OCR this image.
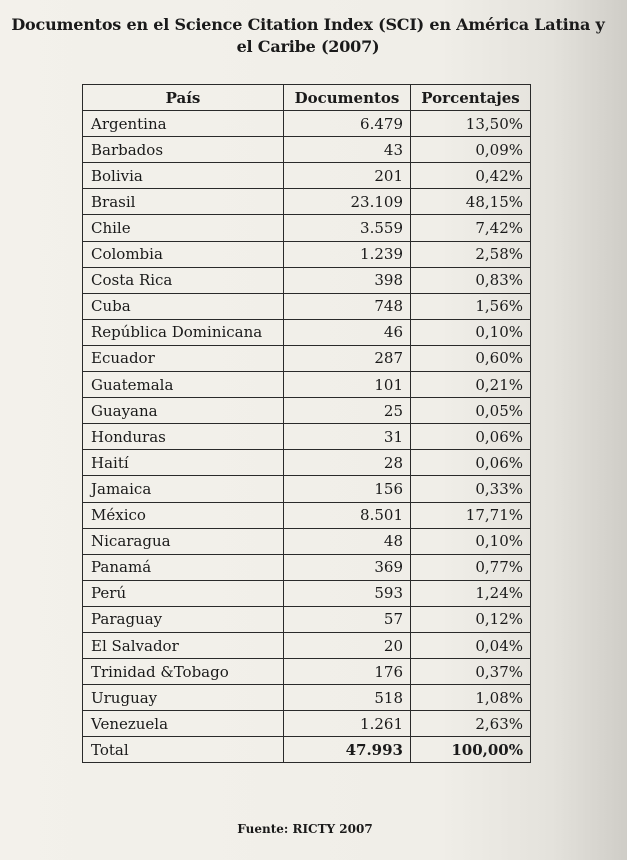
Documentos en el Science Citation Index (SCI) en América Latina y el Caribe (2007)
País	Documentos	Porcentajes
Argentina	6.479	13,50%
Barbados	43	0,09%
Bolivia	201	0,42%
Brasil	23.109	48,15%
Chile	3.559	7,42%
Colombia	1.239	2,58%
Costa Rica	398	0,83%
Cuba	748	1,56%
República Dominicana	46	0,10%
Ecuador	287	0,60%
Guatemala	101	0,21%
Guayana	25	0,05%
Honduras	31	0,06%
Haití	28	0,06%
Jamaica	156	0,33%
México	8.501	17,71%
Nicaragua	48	0,10%
Panamá	369	0,77%
Perú	593	1,24%
Paraguay	57	0,12%
El Salvador	20	0,04%
Trinidad &Tobago	176	0,37%
Uruguay	518	1,08%
Venezuela	1.261	2,63%
Total	47.993	100,00%
Fuente: RICTY 2007
